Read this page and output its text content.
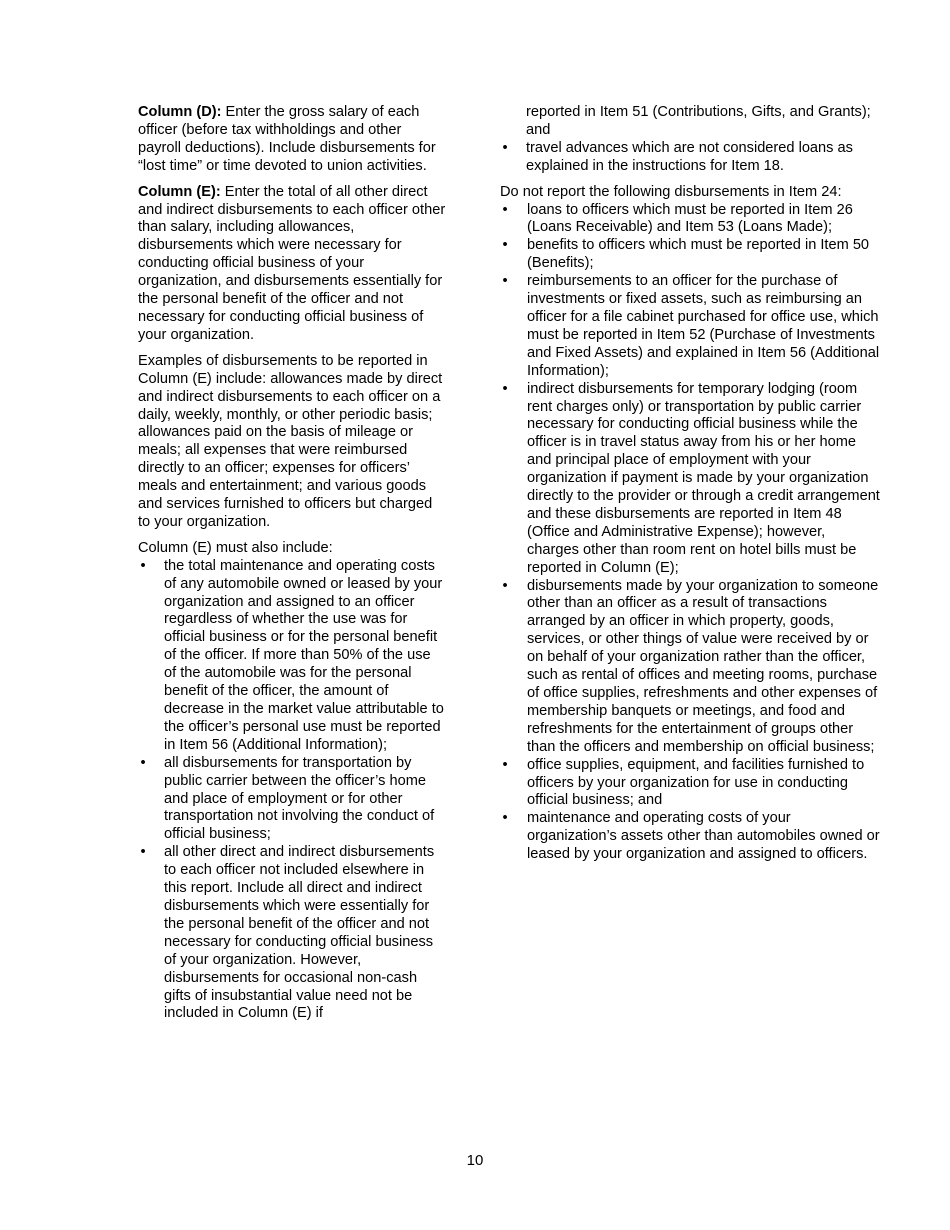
Column (D): Enter the gross salary of each officer (before tax withholdings and other payroll deductions). Include disbursements for “lost time” or time devoted to union activities.

Column (E): Enter the total of all other direct and indirect disbursements to each officer other than salary, including allowances, disbursements which were necessary for conducting official business of your organization, and disbursements essentially for the personal benefit of the officer and not necessary for conducting official business of your organization.

Examples of disbursements to be reported in Column (E) include: allowances made by direct and indirect disbursements to each officer on a daily, weekly, monthly, or other periodic basis; allowances paid on the basis of mileage or meals; all expenses that were reimbursed directly to an officer; expenses for officers’ meals and entertainment; and various goods and services furnished to officers but charged to your organization.

Column (E) must also include:

• the total maintenance and operating costs of any automobile owned or leased by your organization and assigned to an officer regardless of whether the use was for official business or for the personal benefit of the officer. If more than 50% of the use of the automobile was for the personal benefit of the officer, the amount of decrease in the market value attributable to the officer’s personal use must be reported in Item 56 (Additional Information);
• all disbursements for transportation by public carrier between the officer’s home and place of employment or for other transportation not involving the conduct of official business;
• all other direct and indirect disbursements to each officer not included elsewhere in this report. Include all direct and indirect disbursements which were essentially for the personal benefit of the officer and not necessary for conducting official business of your organization. However, disbursements for occasional non-cash gifts of insubstantial value need not be included in Column (E) if
reported in Item 51 (Contributions, Gifts, and Grants); and
• travel advances which are not considered loans as explained in the instructions for Item 18.

Do not report the following disbursements in Item 24:

• loans to officers which must be reported in Item 26 (Loans Receivable) and Item 53 (Loans Made);
• benefits to officers which must be reported in Item 50 (Benefits);
• reimbursements to an officer for the purchase of investments or fixed assets, such as reimbursing an officer for a file cabinet purchased for office use, which must be reported in Item 52 (Purchase of Investments and Fixed Assets) and explained in Item 56 (Additional Information);
• indirect disbursements for temporary lodging (room rent charges only) or transportation by public carrier necessary for conducting official business while the officer is in travel status away from his or her home and principal place of employment with your organization if payment is made by your organization directly to the provider or through a credit arrangement and these disbursements are reported in Item 48 (Office and Administrative Expense); however, charges other than room rent on hotel bills must be reported in Column (E);
• disbursements made by your organization to someone other than an officer as a result of transactions arranged by an officer in which property, goods, services, or other things of value were received by or on behalf of your organization rather than the officer, such as rental of offices and meeting rooms, purchase of office supplies, refreshments and other expenses of membership banquets or meetings, and food and refreshments for the entertainment of groups other than the officers and membership on official business;
• office supplies, equipment, and facilities furnished to officers by your organization for use in conducting official business; and
• maintenance and operating costs of your organization’s assets other than automobiles owned or leased by your organization and assigned to officers.
10
